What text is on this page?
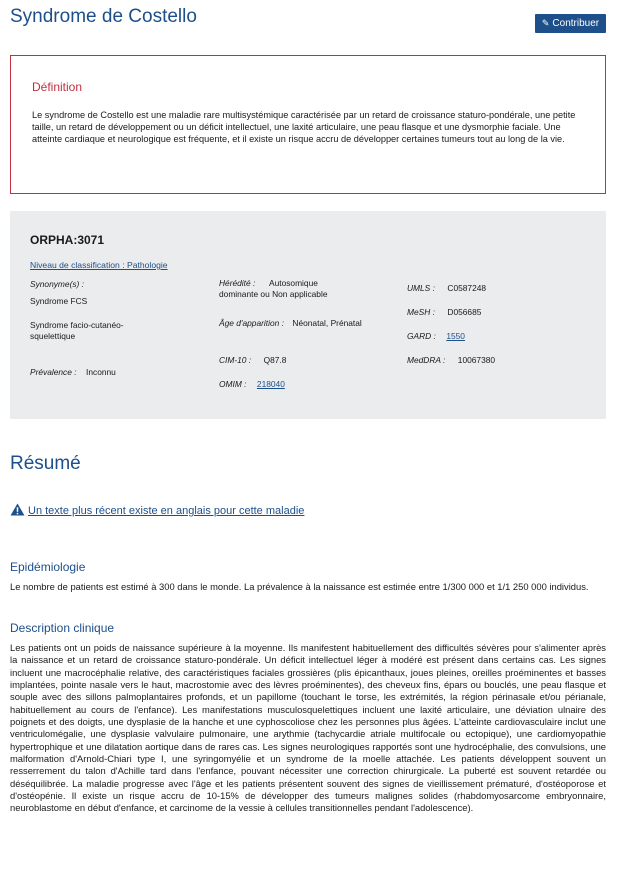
Syndrome de Costello	✎ Contribuer
Définition
Le syndrome de Costello est une maladie rare multisystémique caractérisée par un retard de croissance staturo-pondérale, une petite taille, un retard de développement ou un déficit intellectuel, une laxité articulaire, une peau flasque et une dysmorphie faciale. Une atteinte cardiaque et neurologique est fréquente, et il existe un risque accru de développer certaines tumeurs tout au long de la vie.
ORPHA:3071
Niveau de classification : Pathologie
Synonyme(s) :
Syndrome FCS
Syndrome facio-cutanéo-squelettique
Prévalence : Inconnu
Hérédité :	Autosomique dominante ou Non applicable
Âge d'apparition : Néonatal, Prénatal
CIM-10 : Q87.8
OMIM : 218040
UMLS : C0587248
MeSH : D056685
GARD : 1550
MedDRA : 10067380
Résumé
Un texte plus récent existe en anglais pour cette maladie
Epidémiologie
Le nombre de patients est estimé à 300 dans le monde. La prévalence à la naissance est estimée entre 1/300 000 et 1/1 250 000 individus.
Description clinique
Les patients ont un poids de naissance supérieure à la moyenne. Ils manifestent habituellement des difficultés sévères pour s'alimenter après la naissance et un retard de croissance staturo-pondérale. Un déficit intellectuel léger à modéré est présent dans certains cas. Les signes incluent une macrocéphalie relative, des caractéristiques faciales grossières (plis épicanthaux, joues pleines, oreilles proéminentes et basses implantées, pointe nasale vers le haut, macrostomie avec des lèvres proéminentes), des cheveux fins, épars ou bouclés, une peau flasque et souple avec des sillons palmoplantaires profonds, et un papillome (touchant le torse, les extrémités, la région périnasale et/ou périanale, habituellement au cours de l'enfance). Les manifestations musculosquelettiques incluent une laxité articulaire, une déviation ulnaire des poignets et des doigts, une dysplasie de la hanche et une cyphoscoliose chez les personnes plus âgées. L'atteinte cardiovasculaire inclut une ventriculomégalie, une dysplasie valvulaire pulmonaire, une arythmie (tachycardie atriale multifocale ou ectopique), une cardiomyopathie hypertrophique et une dilatation aortique dans de rares cas. Les signes neurologiques rapportés sont une hydrocéphalie, des convulsions, une malformation d'Arnold-Chiari type I, une syringomyélie et un syndrome de la moelle attachée. Les patients développent souvent un resserrement du talon d'Achille tard dans l'enfance, pouvant nécessiter une correction chirurgicale. La puberté est souvent retardée ou déséquilibrée. La maladie progresse avec l'âge et les patients présentent souvent des signes de vieillissement prématuré, d'ostéoporose et d'ostéopénie. Il existe un risque accru de 10-15% de développer des tumeurs malignes solides (rhabdomyosarcome embryonnaire, neuroblastome en début d'enfance, et carcinome de la vessie à cellules transitionnelles pendant l'adolescence).
